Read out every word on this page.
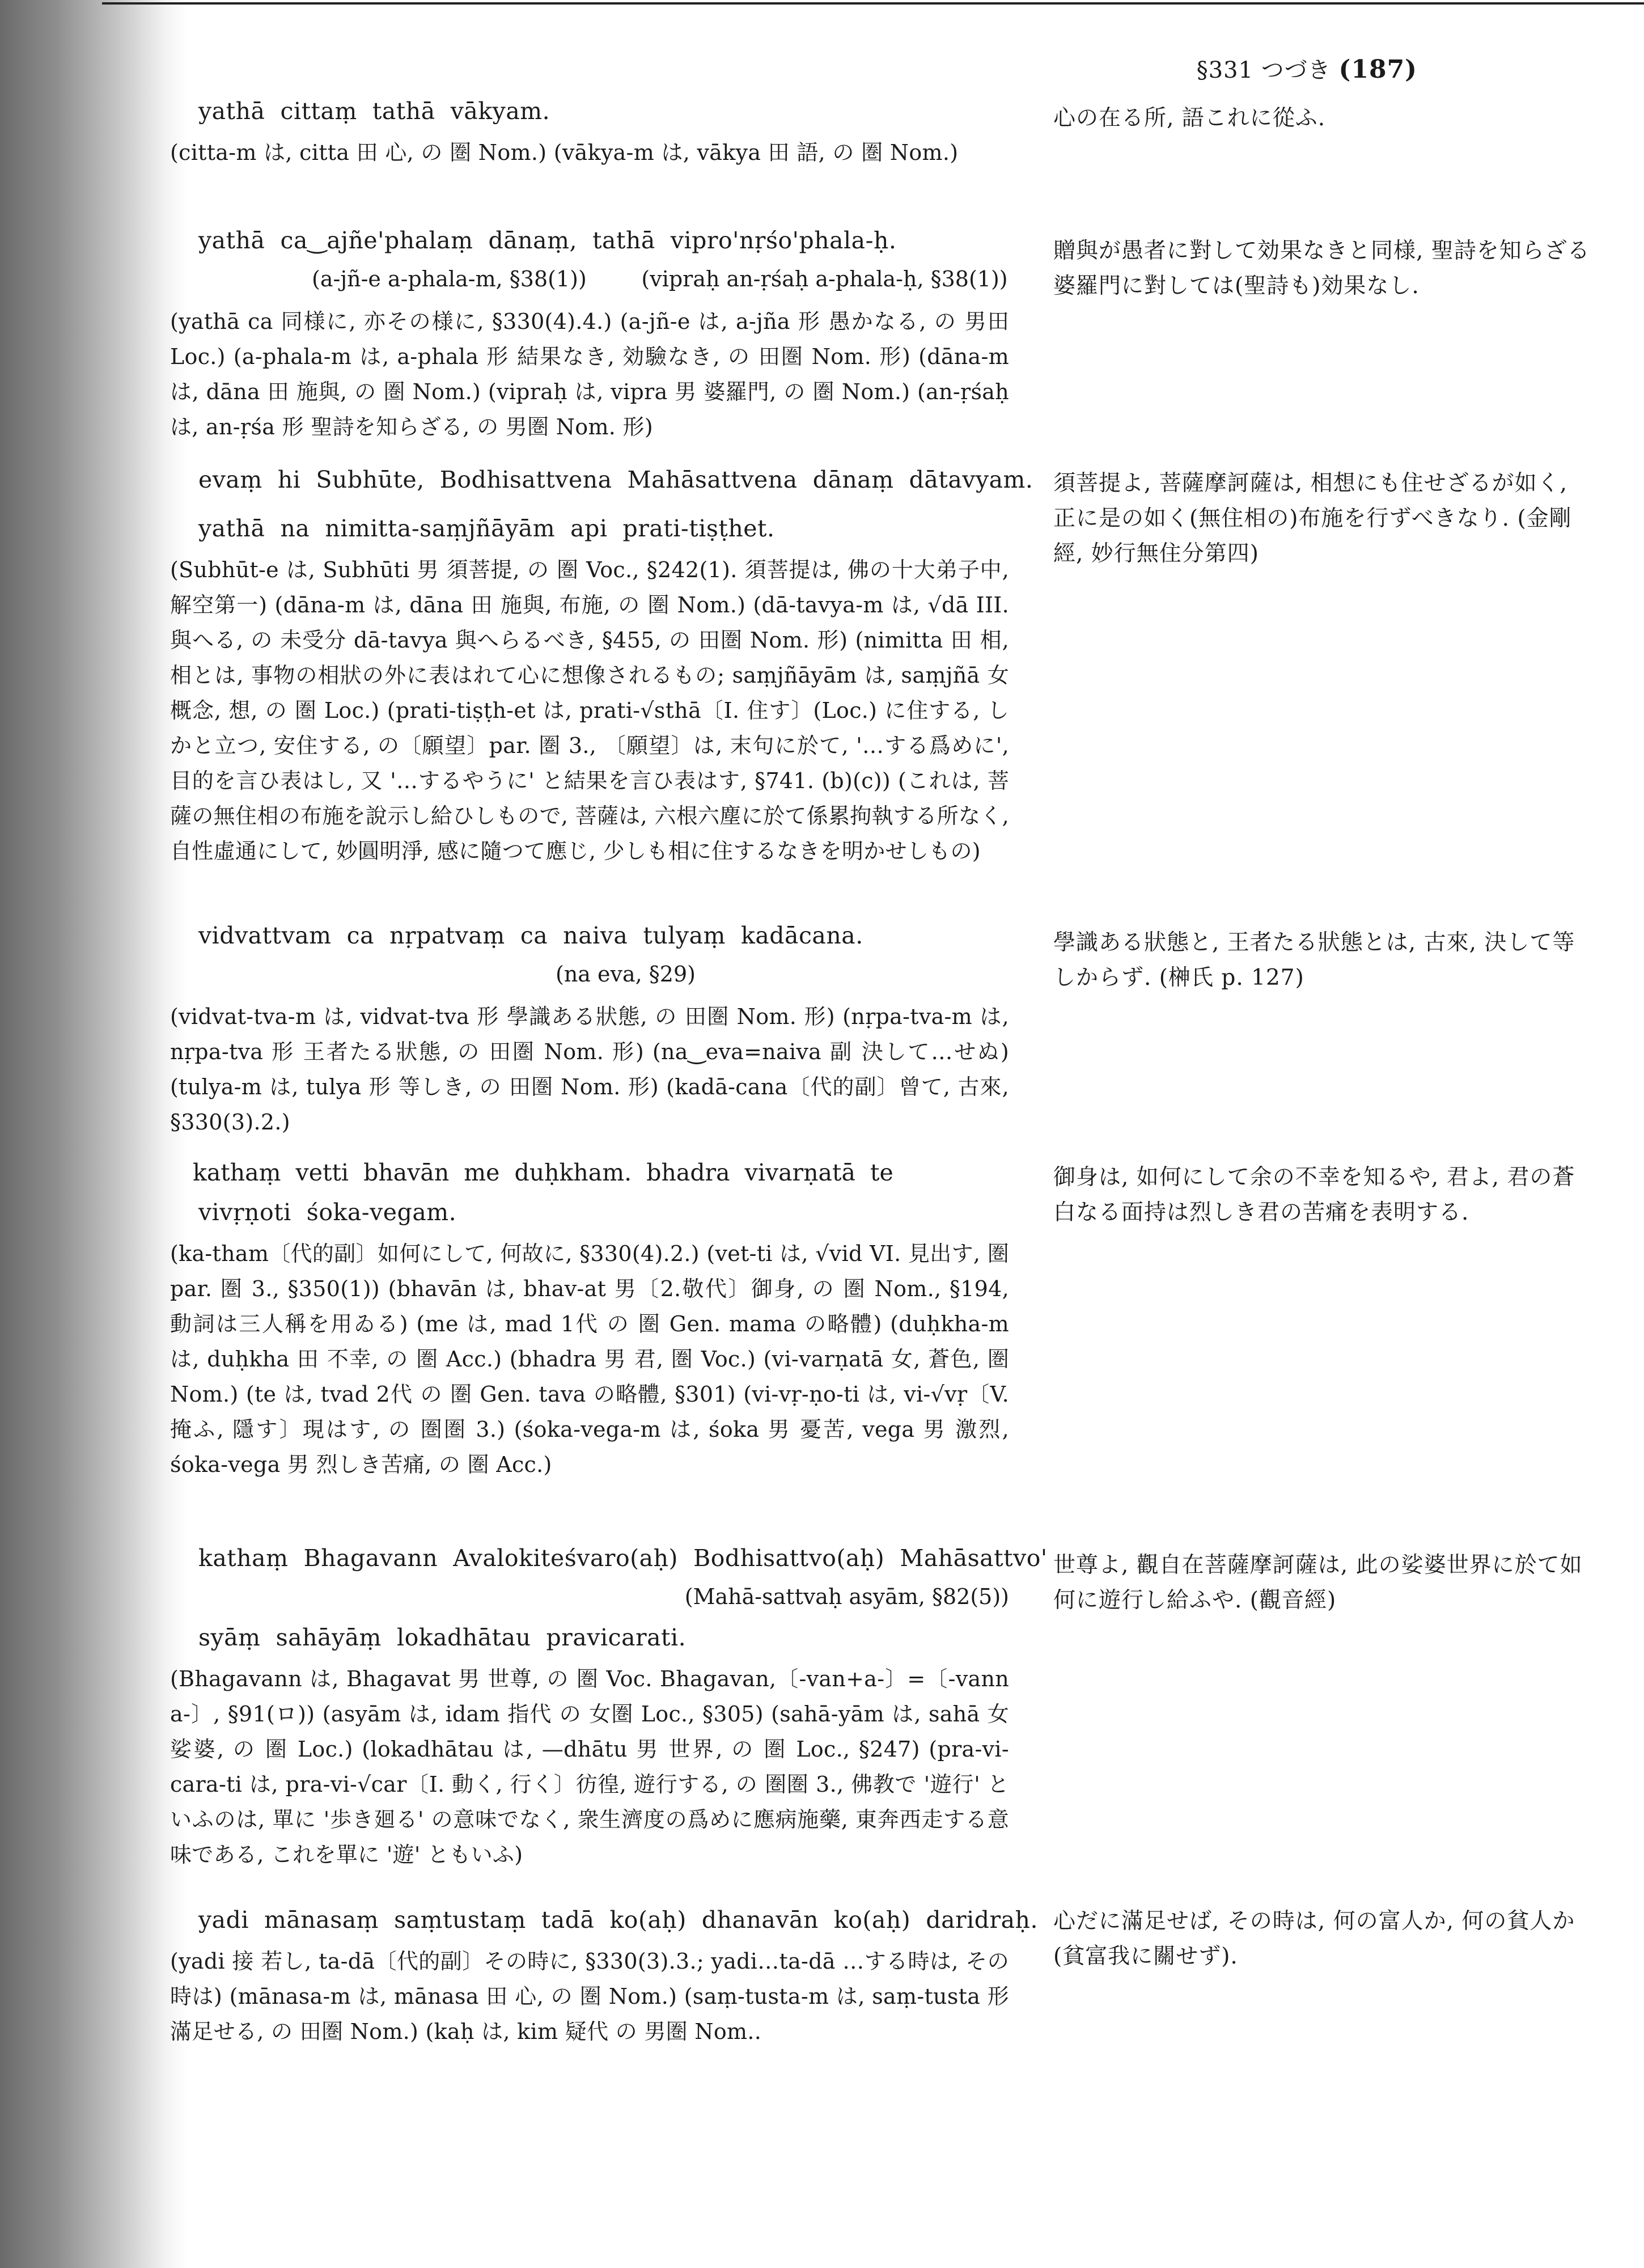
§331 つづき (187)
yathā  cittaṃ  tathā  vākyam.
(citta-m は, citta 田 心, の 圏 Nom.) (vākya-m は, vākya 田 語, の 圏 Nom.)
心の在る所, 語これに從ふ.
yathā  ca‿ajñe'phalaṃ  dānaṃ,  tathā  vipro'nṛśo'phala-ḥ.
(a-jñ-e a-phala-m, §38(1))        (vipraḥ an-ṛśaḥ a-phala-ḥ, §38(1))
(yathā ca 同様に, 亦その様に, §330(4).4.) (a-jñ-e は, a-jña 形 愚かなる, の 男田 Loc.) (a-phala-m は, a-phala 形 結果なき, 効驗なき, の 田圏 Nom. 形) (dāna-m は, dāna 田 施與, の 圏 Nom.) (vipraḥ は, vipra 男 婆羅門, の 圏 Nom.) (an-ṛśaḥ は, an-ṛśa 形 聖詩を知らざる, の 男圏 Nom. 形)
贈與が愚者に對して効果なきと同様, 聖詩を知らざる婆羅門に對しては(聖詩も)効果なし.
evaṃ  hi  Subhūte,  Bodhisattvena  Mahāsattvena  dānaṃ  dātavyam.
yathā  na  nimitta-saṃjñāyām  api  prati-tiṣṭhet.
(Subhūt-e は, Subhūti 男 須菩提, の 圏 Voc., §242(1). 須菩提は, 佛の十大弟子中, 解空第一) (dāna-m は, dāna 田 施與, 布施, の 圏 Nom.) (dā-tavya-m は, √dā III. 與へる, の 未受分 dā-tavya 與へらるべき, §455, の 田圏 Nom. 形) (nimitta 田 相, 相とは, 事物の相狀の外に表はれて心に想像されるもの; saṃjñāyām は, saṃjñā 女 概念, 想, の 圏 Loc.) (prati-tiṣṭh-et は, prati-√sthā〔I. 住す〕(Loc.) に住する, しかと立つ, 安住する, の〔願望〕par. 圏 3., 〔願望〕は, 末句に於て, '…する爲めに', 目的を言ひ表はし, 又 '…するやうに' と結果を言ひ表はす, §741. (b)(c)) (これは, 菩薩の無住相の布施を說示し給ひしもので, 菩薩は, 六根六塵に於て係累拘執する所なく, 自性虛通にして, 妙圓明淨, 感に隨つて應じ, 少しも相に住するなきを明かせしもの)
須菩提よ, 菩薩摩訶薩は, 相想にも住せざるが如く, 正に是の如く(無住相の)布施を行ずべきなり. (金剛經, 妙行無住分第四)
vidvattvam  ca  nṛpatvaṃ  ca  naiva  tulyaṃ  kadācana.
(na eva, §29)
(vidvat-tva-m は, vidvat-tva 形 學識ある狀態, の 田圏 Nom. 形) (nṛpa-tva-m は, nṛpa-tva 形 王者たる狀態, の 田圏 Nom. 形) (na‿eva=naiva 副 決して…せぬ) (tulya-m は, tulya 形 等しき, の 田圏 Nom. 形) (kadā-cana〔代的副〕曾て, 古來, §330(3).2.)
學識ある狀態と, 王者たる狀態とは, 古來, 決して等しからず. (榊氏 p. 127)
kathaṃ  vetti  bhavān  me  duḥkham.  bhadra  vivarṇatā  te
vivṛṇoti  śoka-vegam.
(ka-tham〔代的副〕如何にして, 何故に, §330(4).2.) (vet-ti は, √vid VI. 見出す, 圏 par. 圏 3., §350(1)) (bhavān は, bhav-at 男〔2.敬代〕御身, の 圏 Nom., §194, 動詞は三人稱を用ゐる) (me は, mad 1代 の 圏 Gen. mama の略體) (duḥkha-m は, duḥkha 田 不幸, の 圏 Acc.) (bhadra 男 君, 圏 Voc.) (vi-varṇatā 女, 蒼色, 圏 Nom.) (te は, tvad 2代 の 圏 Gen. tava の略體, §301) (vi-vṛ-ṇo-ti は, vi-√vṛ〔V. 掩ふ, 隱す〕現はす, の 圏圏 3.) (śoka-vega-m は, śoka 男 憂苦, vega 男 激烈, śoka-vega 男 烈しき苦痛, の 圏 Acc.)
御身は, 如何にして余の不幸を知るや, 君よ, 君の蒼白なる面持は烈しき君の苦痛を表明する.
kathaṃ  Bhagavann  Avalokiteśvaro(aḥ)  Bodhisattvo(aḥ)  Mahāsattvo'
(Mahā-sattvaḥ asyām, §82(5))
syāṃ  sahāyāṃ  lokadhātau  pravicarati.
(Bhagavann は, Bhagavat 男 世尊, の 圏 Voc. Bhagavan,〔-van+a-〕=〔-vann a-〕, §91(ロ)) (asyām は, idam 指代 の 女圏 Loc., §305) (sahā-yām は, sahā 女 娑婆, の 圏 Loc.) (lokadhātau は, —dhātu 男 世界, の 圏 Loc., §247) (pra-vi-cara-ti は, pra-vi-√car〔I. 動く, 行く〕彷徨, 遊行する, の 圏圏 3., 佛教で '遊行' といふのは, 單に '歩き廻る' の意味でなく, 衆生濟度の爲めに應病施藥, 東奔西走する意味である, これを單に '遊' ともいふ)
世尊よ, 觀自在菩薩摩訶薩は, 此の娑婆世界に於て如何に遊行し給ふや. (觀音經)
yadi  mānasaṃ  saṃtustaṃ  tadā  ko(aḥ)  dhanavān  ko(aḥ)  daridraḥ.
(yadi 接 若し, ta-dā〔代的副〕その時に, §330(3).3.; yadi…ta-dā …する時は, その時は) (mānasa-m は, mānasa 田 心, の 圏 Nom.) (saṃ-tusta-m は, saṃ-tusta 形 滿足せる, の 田圏 Nom.) (kaḥ は, kim 疑代 の 男圏 Nom..
心だに滿足せば, その時は, 何の富人か, 何の貧人か(貧富我に關せず).
